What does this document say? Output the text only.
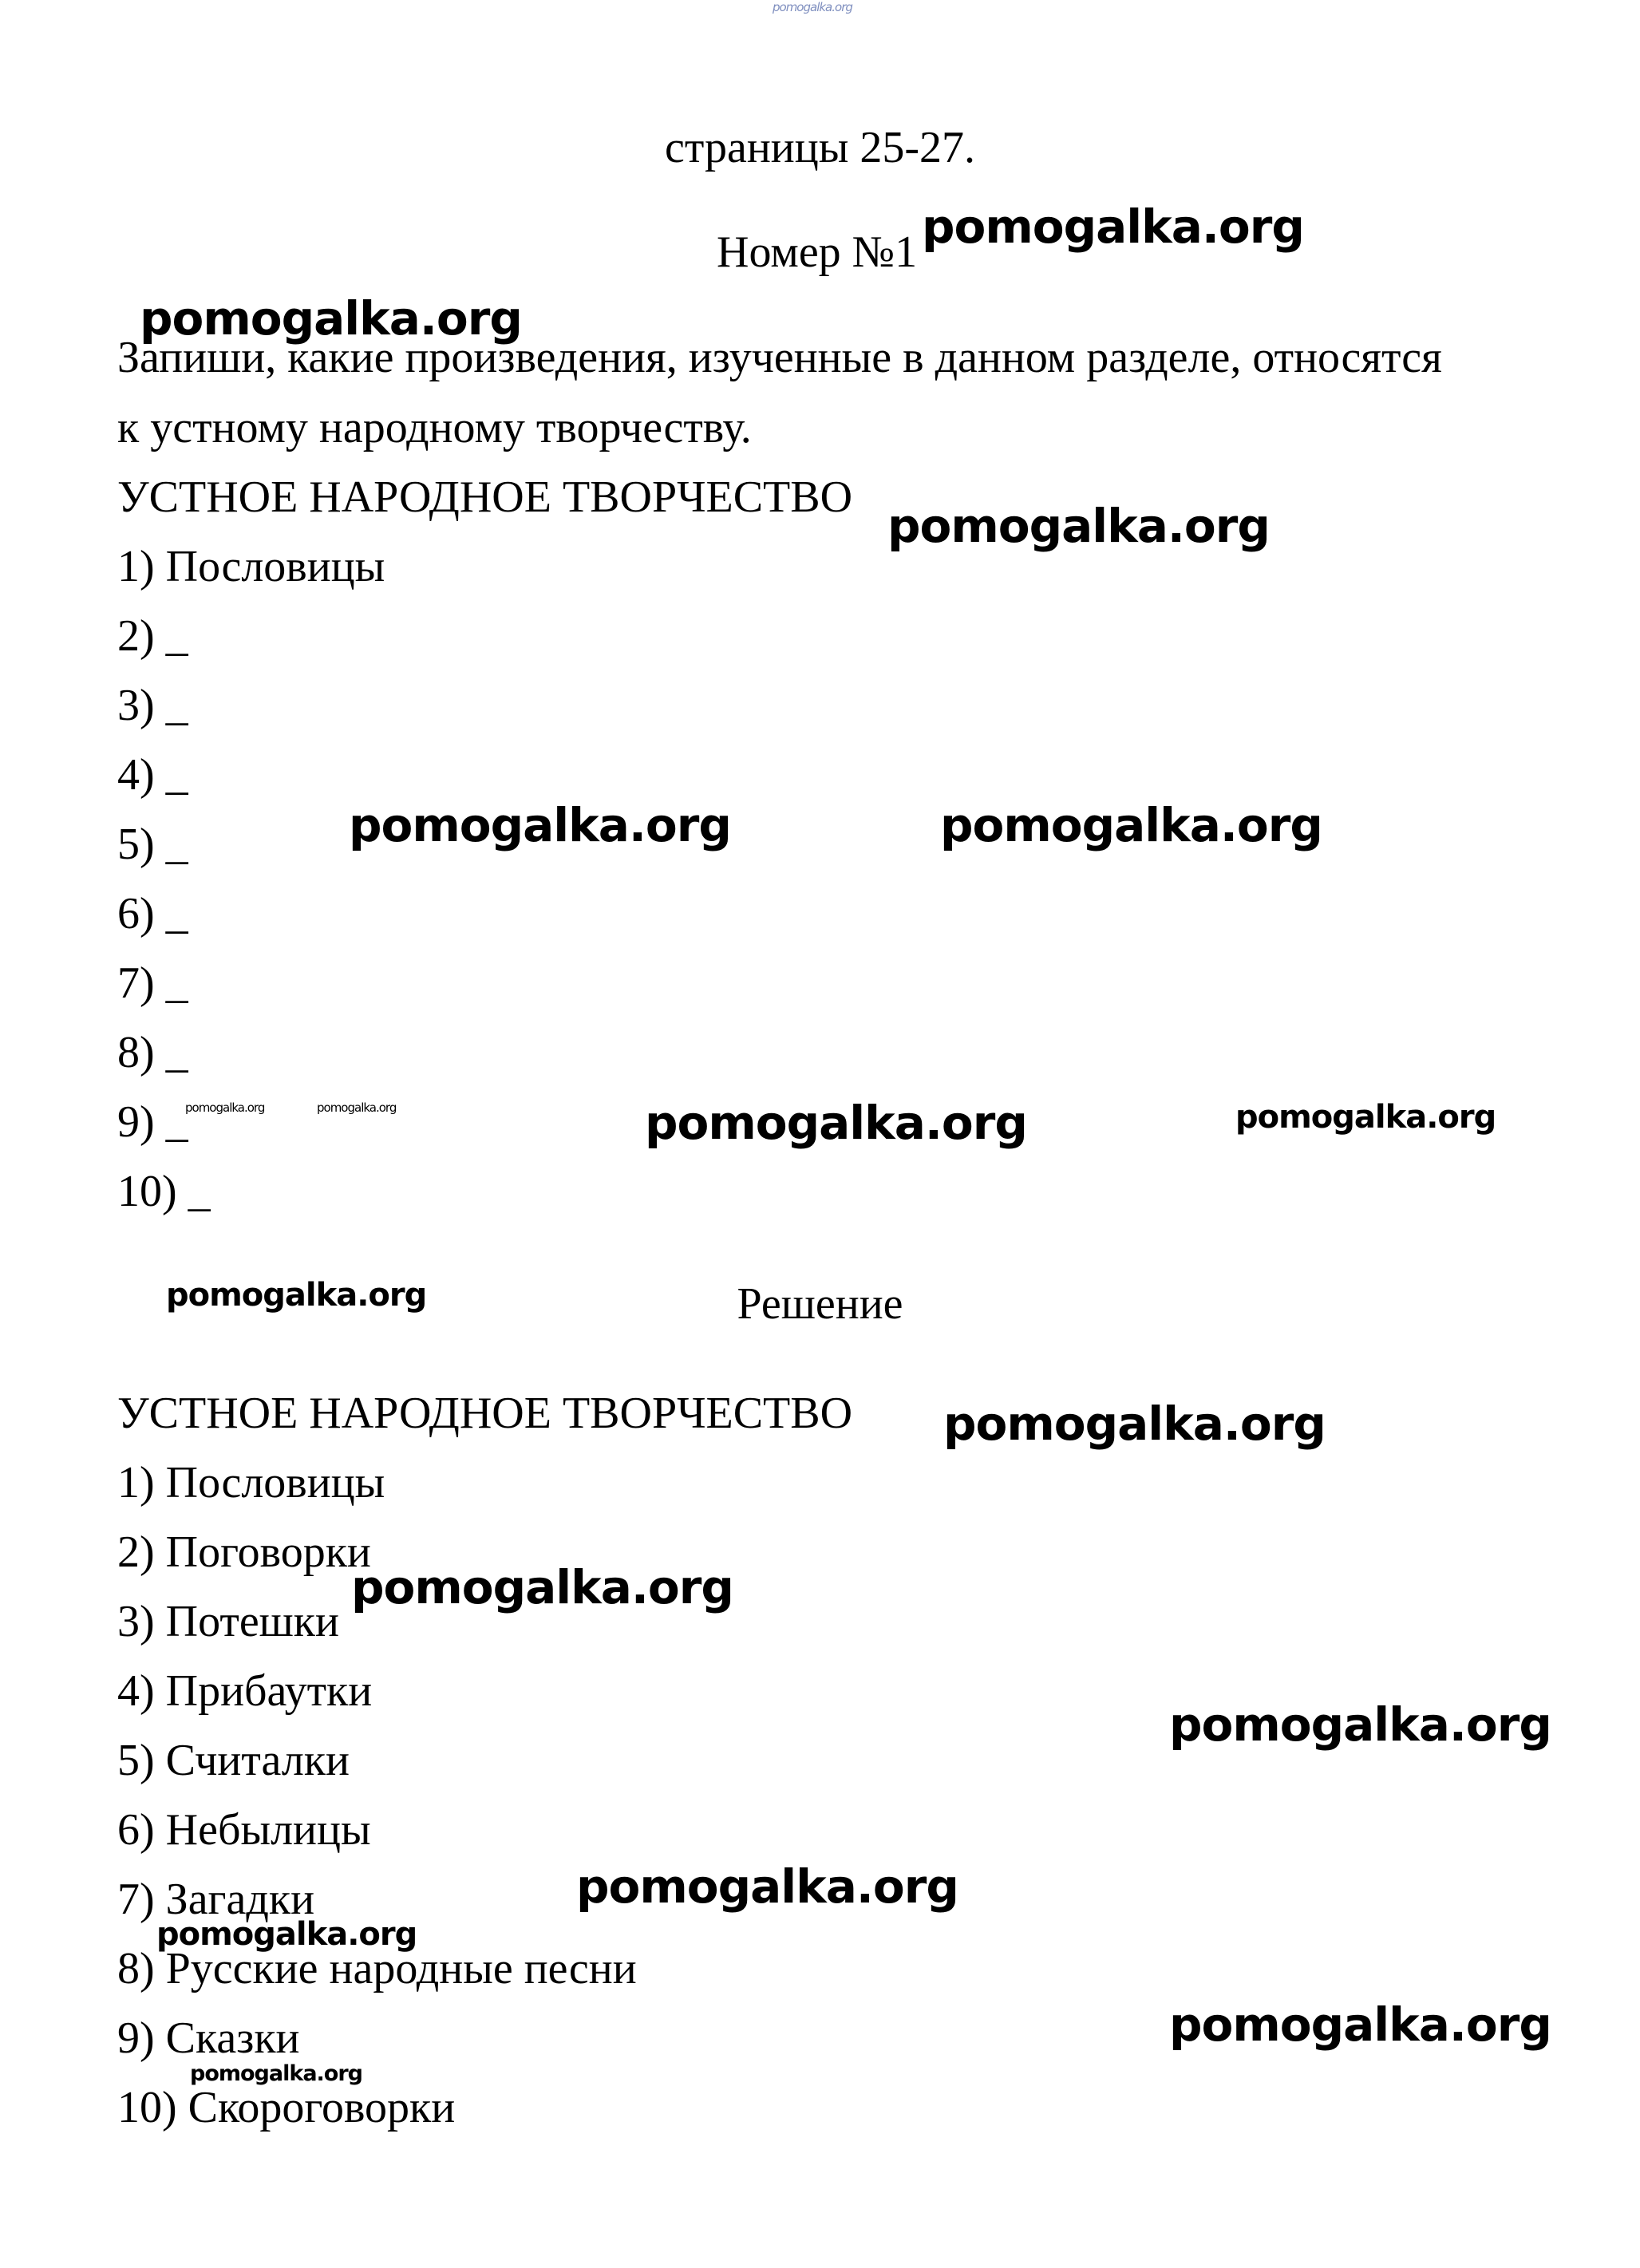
pomogalka.org
страницы 25-27.
Номер №1
Запиши, какие произведения, изученные в данном разделе, относятся
к устному народному творчеству.
УСТНОЕ НАРОДНОЕ ТВОРЧЕСТВО
1) Пословицы
2) _
3) _
4) _
5) _
6) _
7) _
8) _
9) _
10) _
Решение
УСТНОЕ НАРОДНОЕ ТВОРЧЕСТВО
1) Пословицы
2) Поговорки
3) Потешки
4) Прибаутки
5) Считалки
6) Небылицы
7) Загадки
8) Русские народные песни
9) Сказки
10) Скороговорки
pomogalka.org
pomogalka.org
pomogalka.org
pomogalka.org	pomogalka.org
pomogalka.org	pomogalka.org	pomogalka.org	pomogalka.org
pomogalka.org
pomogalka.org
pomogalka.org
pomogalka.org
pomogalka.org
pomogalka.org
pomogalka.org
pomogalka.org
